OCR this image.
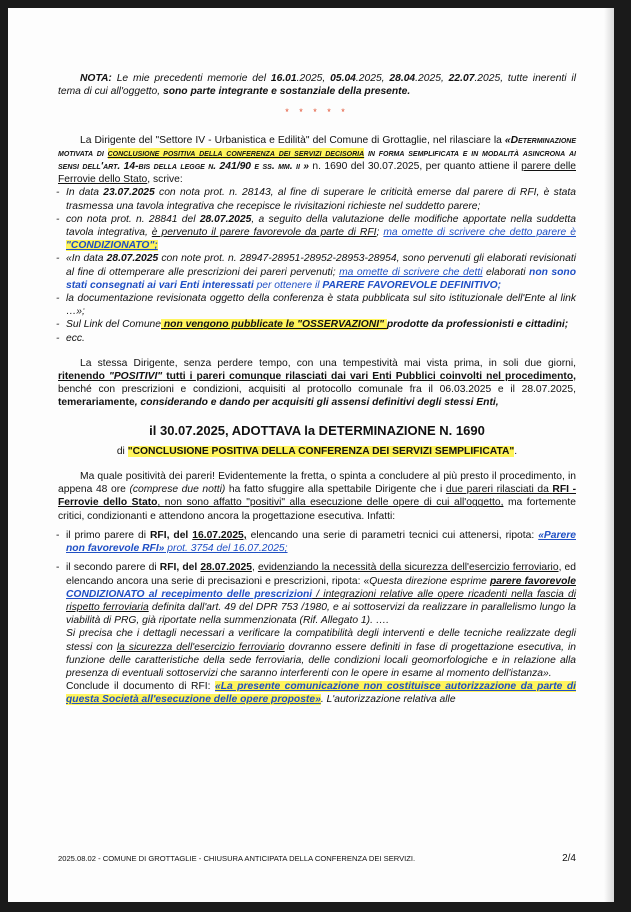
NOTA: Le mie precedenti memorie del 16.01.2025, 05.04.2025, 28.04.2025, 22.07.2025, tutte inerenti il tema di cui all'oggetto, sono parte integrante e sostanziale della presente.

* * * * *

La Dirigente del "Settore IV - Urbanistica e Edilità" del Comune di Grottaglie, nel rilasciare la «Determinazione motivata di conclusione positiva della conferenza dei servizi decisoria in forma semplificata e in modalità asincrona ai sensi dell'art. 14-bis della legge n. 241/90 e ss. mm. ii » n. 1690 del 30.07.2025, per quanto attiene il parere delle Ferrovie dello Stato, scrive:

- In data 23.07.2025 con nota prot. n. 28143, al fine di superare le criticità emerse dal parere di RFI, è stata trasmessa una tavola integrativa che recepisce le rivisitazioni richieste nel suddetto parere;
- con nota prot. n. 28841 del 28.07.2025, a seguito della valutazione delle modifiche apportate nella suddetta tavola integrativa, è pervenuto il parere favorevole da parte di RFI; ma omette di scrivere che detto parere è "CONDIZIONATO";
- «In data 28.07.2025 con note prot. n. 28947-28951-28952-28953-28954, sono pervenuti gli elaborati revisionati al fine di ottemperare alle prescrizioni dei pareri pervenuti; ma omette di scrivere che detti elaborati non sono stati consegnati ai vari Enti interessati per ottenere il PARERE FAVOREVOLE DEFINITIVO;
- la documentazione revisionata oggetto della conferenza è stata pubblicata sul sito istituzionale dell'Ente al link …»;
- Sul Link del Comune non vengono pubblicate le "OSSERVAZIONI" prodotte da professionisti e cittadini;
- ecc.

La stessa Dirigente, senza perdere tempo, con una tempestività mai vista prima, in soli due giorni, ritenendo "POSITIVI" tutti i pareri comunque rilasciati dai vari Enti Pubblici coinvolti nel procedimento, benché con prescrizioni e condizioni, acquisiti al protocollo comunale fra il 06.03.2025 e il 28.07.2025, temerariamente, considerando e dando per acquisiti gli assensi definitivi degli stessi Enti,

il 30.07.2025, ADOTTAVA la DETERMINAZIONE N. 1690

di "CONCLUSIONE POSITIVA DELLA CONFERENZA DEI SERVIZI SEMPLIFICATA".

Ma quale positività dei pareri! Evidentemente la fretta, o spinta a concludere al più presto il procedimento, in appena 48 ore (comprese due notti) ha fatto sfuggire alla spettabile Dirigente che i due pareri rilasciati da RFI - Ferrovie dello Stato, non sono affatto "positivi" alla esecuzione delle opere di cui all'oggetto, ma fortemente critici, condizionanti e attendono ancora la progettazione esecutiva. Infatti:

- il primo parere di RFI, del 16.07.2025, elencando una serie di parametri tecnici cui attenersi, ripota: «Parere non favorevole RFI» prot. 3754 del 16.07.2025;
- il secondo parere di RFI, del 28.07.2025, evidenziando la necessità della sicurezza dell'esercizio ferroviario, ed elencando ancora una serie di precisazioni e prescrizioni, ripota: «Questa direzione esprime parere favorevole CONDIZIONATO al recepimento delle prescrizioni / integrazioni relative alle opere ricadenti nella fascia di rispetto ferroviaria definita dall'art. 49 del DPR 753 /1980, e ai sottoservizi da realizzare in parallelismo lungo la viabilità di PRG, già riportate nella summenzionata (Rif. Allegato 1). ….

Si precisa che i dettagli necessari a verificare la compatibilità degli interventi e delle tecniche realizzate degli stessi con la sicurezza dell'esercizio ferroviario dovranno essere definiti in fase di progettazione esecutiva, in funzione delle caratteristiche della sede ferroviaria, delle condizioni locali geomorfologiche e in relazione alla presenza di eventuali sottoservizi che saranno interferenti con le opere in esame al momento dell'istanza».

Conclude il documento di RFI: «La presente comunicazione non costituisce autorizzazione da parte di questa Società all'esecuzione delle opere proposte». L'autorizzazione relativa alle

2025.08.02 - COMUNE DI GROTTAGLIE - CHIUSURA ANTICIPATA DELLA CONFERENZA DEI SERVIZI.	2/4
